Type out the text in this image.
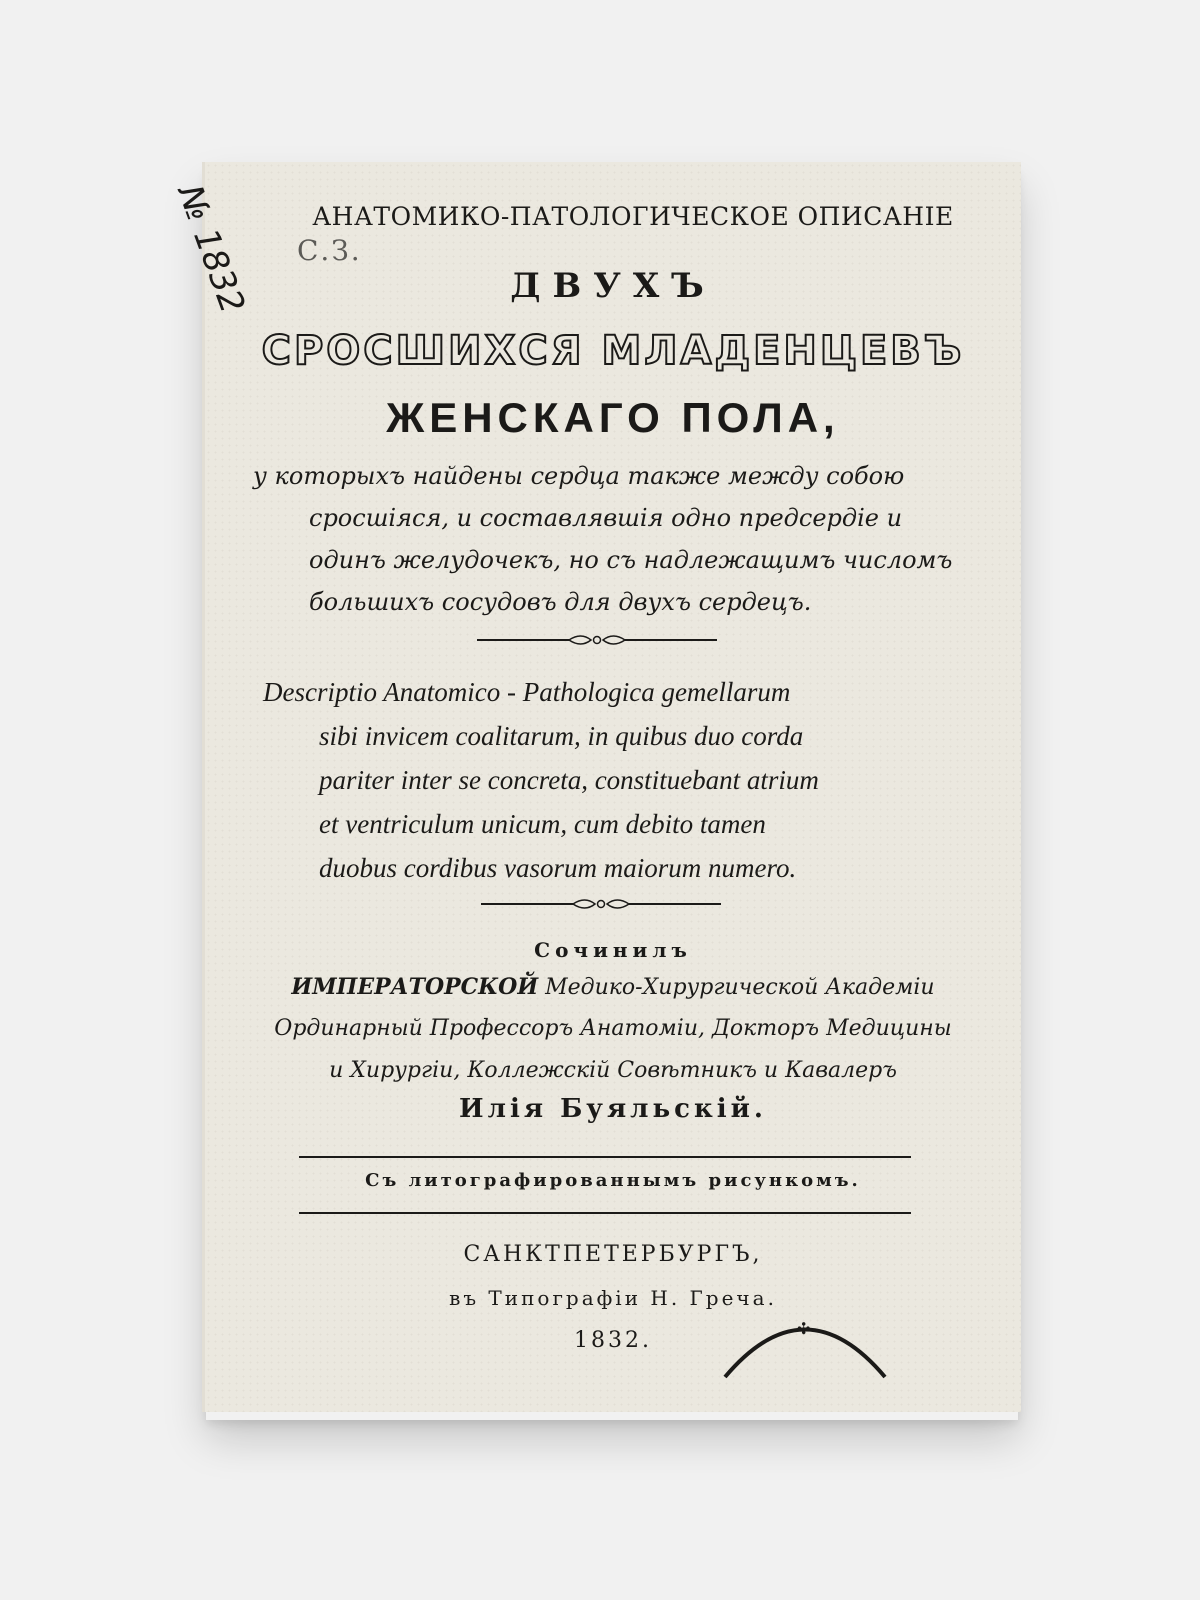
№ 1832 С.З.
АНАТОМИКО-ПАТОЛОГИЧЕСКОЕ ОПИСАНІЕ
ДВУХЪ
СРОСШИХСЯ МЛАДЕНЦЕВЪ
ЖЕНСКАГО ПОЛА,
у которыхъ найдены сердца также между собою
сросшіяся, и составлявшія одно предсердіе и
одинъ желудочекъ, но съ надлежащимъ числомъ
большихъ сосудовъ для двухъ сердецъ.
Descriptio Anatomico - Pathologica gemellarum
sibi invicem coalitarum, in quibus duo corda
pariter inter se concreta, constituebant atrium
et ventriculum unicum, cum debito tamen
duobus cordibus vasorum maiorum numero.
Сочинилъ
ИМПЕРАТОРСКОЙ Медико-Хирургической Академіи
Ординарный Профессоръ Анатоміи, Докторъ Медицины
и Хирургіи, Коллежскій Совѣтникъ и Кавалеръ
Илія Буяльскій.
Съ литографированнымъ рисункомъ.
САНКТПЕТЕРБУРГЪ,
въ Типографіи Н. Греча.
1832.	✣
